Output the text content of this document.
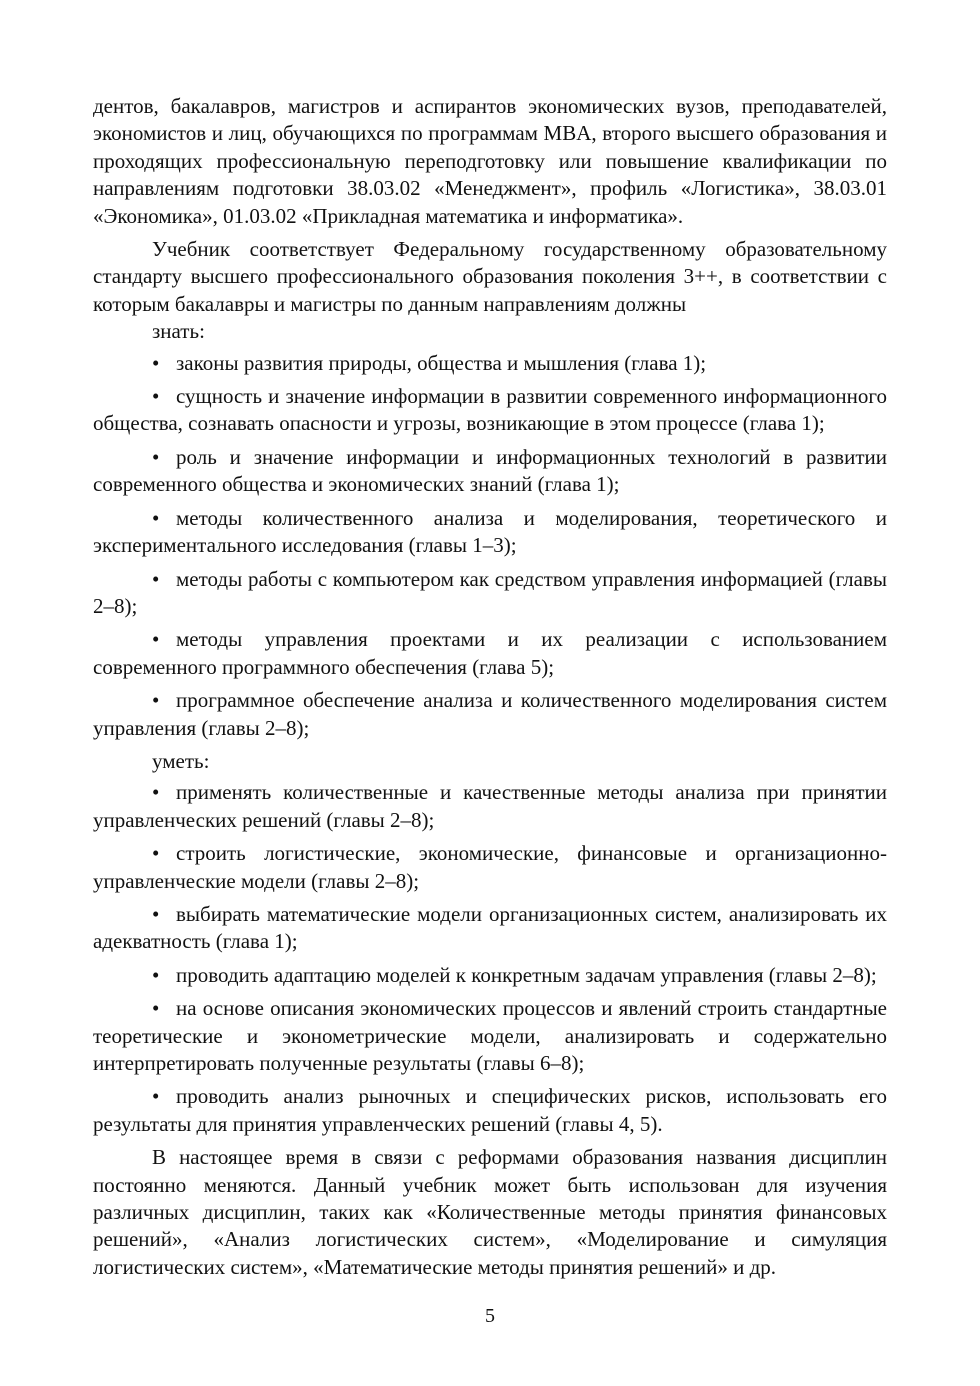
дентов, бакалавров, магистров и аспирантов экономических вузов, преподавателей, экономистов и лиц, обучающихся по программам MBA, второго высшего образования и проходящих профессиональную переподготовку или повышение квалификации по направлениям подготовки 38.03.02 «Менеджмент», профиль «Логистика», 38.03.01 «Экономика», 01.03.02 «Прикладная математика и информатика».

Учебник соответствует Федеральному государственному образовательному стандарту высшего профессионального образования поколения 3++, в соответствии с которым бакалавры и магистры по данным направлениям должны

знать:

• законы развития природы, общества и мышления (глава 1);

• сущность и значение информации в развитии современного информационного общества, сознавать опасности и угрозы, возникающие в этом процессе (глава 1);

• роль и значение информации и информационных технологий в развитии современного общества и экономических знаний (глава 1);

• методы количественного анализа и моделирования, теоретического и экспериментального исследования (главы 1–3);

• методы работы с компьютером как средством управления информацией (главы 2–8);

• методы управления проектами и их реализации с использованием современного программного обеспечения (глава 5);

• программное обеспечение анализа и количественного моделирования систем управления (главы 2–8);

уметь:

• применять количественные и качественные методы анализа при принятии управленческих решений (главы 2–8);

• строить логистические, экономические, финансовые и организационно-управленческие модели (главы 2–8);

• выбирать математические модели организационных систем, анализировать их адекватность (глава 1);

• проводить адаптацию моделей к конкретным задачам управления (главы 2–8);

• на основе описания экономических процессов и явлений строить стандартные теоретические и эконометрические модели, анализировать и содержательно интерпретировать полученные результаты (главы 6–8);

• проводить анализ рыночных и специфических рисков, использовать его результаты для принятия управленческих решений (главы 4, 5).

В настоящее время в связи с реформами образования названия дисциплин постоянно меняются. Данный учебник может быть использован для изучения различных дисциплин, таких как «Количественные методы принятия финансовых решений», «Анализ логистических систем», «Моделирование и симуляция логистических систем», «Математические методы принятия решений» и др.

5
